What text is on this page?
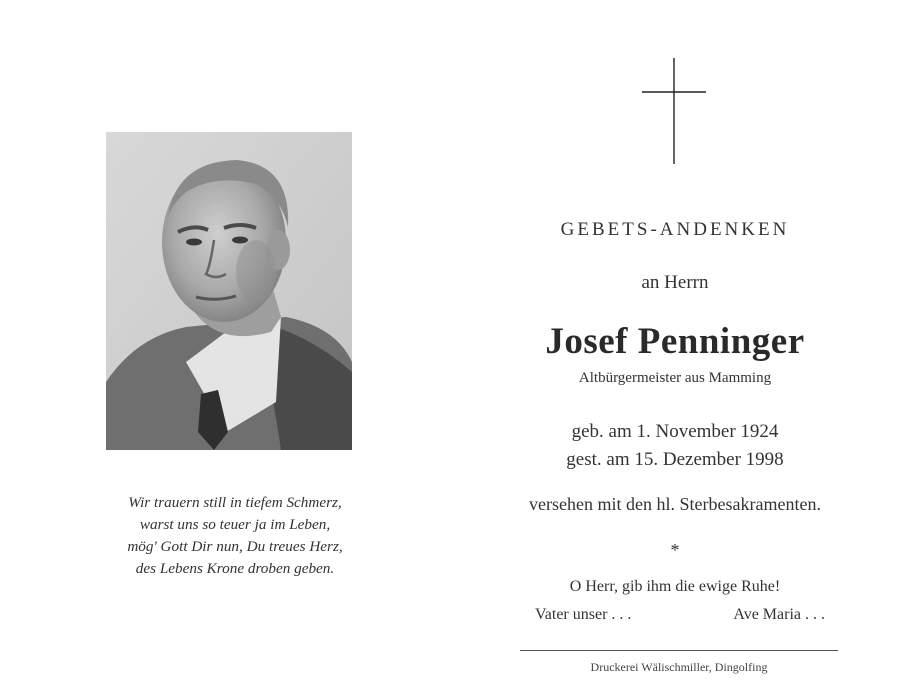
Wir trauern still in tiefem Schmerz,
warst uns so teuer ja im Leben,
mög' Gott Dir nun, Du treues Herz,
des Lebens Krone droben geben.
GEBETS-ANDENKEN
an Herrn
Josef Penninger
Altbürgermeister aus Mamming
geb. am 1. November 1924
gest. am 15. Dezember 1998
versehen mit den hl. Sterbesakramenten.
*
O Herr, gib ihm die ewige Ruhe!
Vater unser . . .	Ave Maria . . .
Druckerei Wälischmiller, Dingolfing
